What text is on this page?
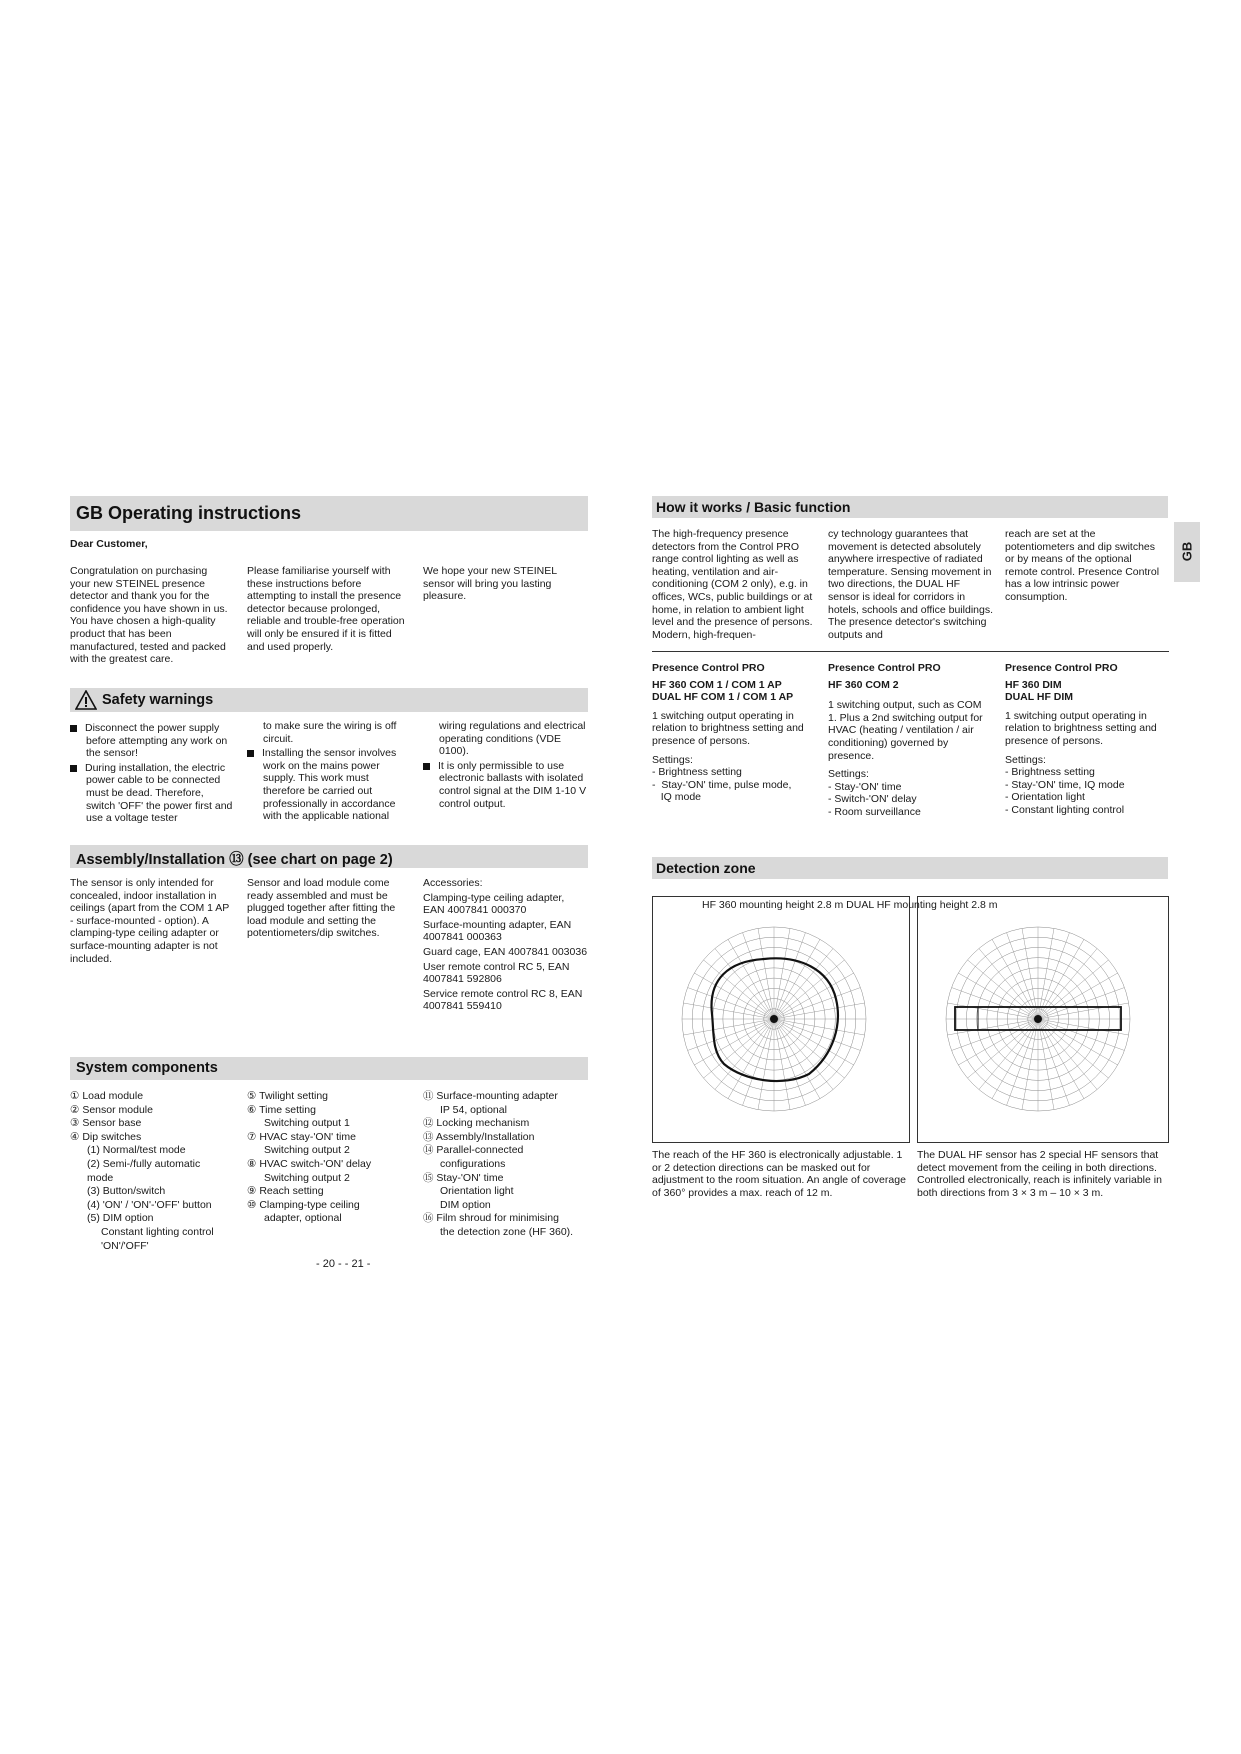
GB Operating instructions
Dear Customer,
Congratulation on purchasing your new STEINEL presence detector and thank you for the confidence you have shown in us. You have chosen a high-quality product that has been manufactured, tested and packed with the greatest care.
Please familiarise yourself with these instructions before attempting to install the presence detector because prolonged, reliable and trouble-free operation will only be ensured if it is fitted and used properly.
We hope your new STEINEL sensor will bring you lasting pleasure.
Safety warnings

Disconnect the power supply before attempting any work on the sensor!

During installation, the electric power cable to be connected must be dead. Therefore, switch 'OFF' the power first and use a voltage tester

to make sure the wiring is off circuit.

Installing the sensor involves work on the mains power supply. This work must therefore be carried out professionally in accordance with the applicable national

wiring regulations and electrical operating conditions (VDE 0100).

It is only permissible to use electronic ballasts with isolated control signal at the DIM 1-10 V control output.

Assembly/Installation ⑬ (see chart on page 2)
The sensor is only intended for concealed, indoor installation in ceilings (apart from the COM 1 AP - surface-mounted - option). A clamping-type ceiling adapter or surface-mounting adapter is not included.
Sensor and load module come ready assembled and must be plugged together after fitting the load module and setting the potentiometers/dip switches.

Accessories:

Clamping-type ceiling adapter, EAN 4007841 000370

Surface-mounting adapter, EAN 4007841 000363

Guard cage, EAN 4007841 003036

User remote control RC 5, EAN 4007841 592806

Service remote control RC 8, EAN 4007841 559410

System components
① Load module
② Sensor module
③ Sensor base
④ Dip switches
(1) Normal/test mode
(2) Semi-/fully automatic
mode
(3) Button/switch
(4) 'ON' / 'ON'-'OFF' button
(5) DIM option
Constant lighting control
'ON'/'OFF'
⑤ Twilight setting
⑥ Time setting
Switching output 1
⑦ HVAC stay-'ON' time
Switching output 2
⑧ HVAC switch-'ON' delay
Switching output 2
⑨ Reach setting
⑩ Clamping-type ceiling
adapter, optional
⑪ Surface-mounting adapter
IP 54, optional
⑫ Locking mechanism
⑬ Assembly/Installation
⑭ Parallel-connected
configurations
⑮ Stay-'ON' time
Orientation light
DIM option
⑯ Film shroud for minimising
the detection zone (HF 360).
- 20 - - 21 -
How it works / Basic function
GB
The high-frequency presence detectors from the Control PRO range control lighting as well as heating, ventilation and air-conditioning (COM 2 only), e.g. in offices, WCs, public buildings or at home, in relation to ambient light level and the presence of persons. Modern, high-frequen-
cy technology guarantees that movement is detected absolutely anywhere irrespective of radiated temperature. Sensing movement in two directions, the DUAL HF sensor is ideal for corridors in hotels, schools and office buildings. The presence detector's switching outputs and
reach are set at the potentiometers and dip switches or by means of the optional remote control. Presence Control has a low intrinsic power consumption.
Presence Control PRO
HF 360 COM 1 / COM 1 AP
DUAL HF COM 1 / COM 1 AP
1 switching output operating in relation to brightness setting and presence of persons.
Settings:
- Brightness setting
-  Stay-'ON' time, pulse mode,
IQ mode
Presence Control PRO
HF 360 COM 2
1 switching output, such as COM 1. Plus a 2nd switching output for HVAC (heating / ventilation / air conditioning) governed by presence.
Settings:
- Stay-'ON' time
- Switch-'ON' delay
- Room surveillance
Presence Control PRO
HF 360 DIM
DUAL HF DIM
1 switching output operating in relation to brightness setting and presence of persons.
Settings:
- Brightness setting
- Stay-'ON' time, IQ mode
- Orientation light
- Constant lighting control
Detection zone
HF 360 mounting height 2.8 m DUAL HF mounting height 2.8 m
The reach of the HF 360 is electronically adjustable. 1 or 2 detection directions can be masked out for adjustment to the room situation. An angle of coverage of 360° provides a max. reach of 12 m.
The DUAL HF sensor has 2 special HF sensors that detect movement from the ceiling in both directions. Controlled electronically, reach is infinitely variable in both directions from 3 × 3 m – 10 × 3 m.
